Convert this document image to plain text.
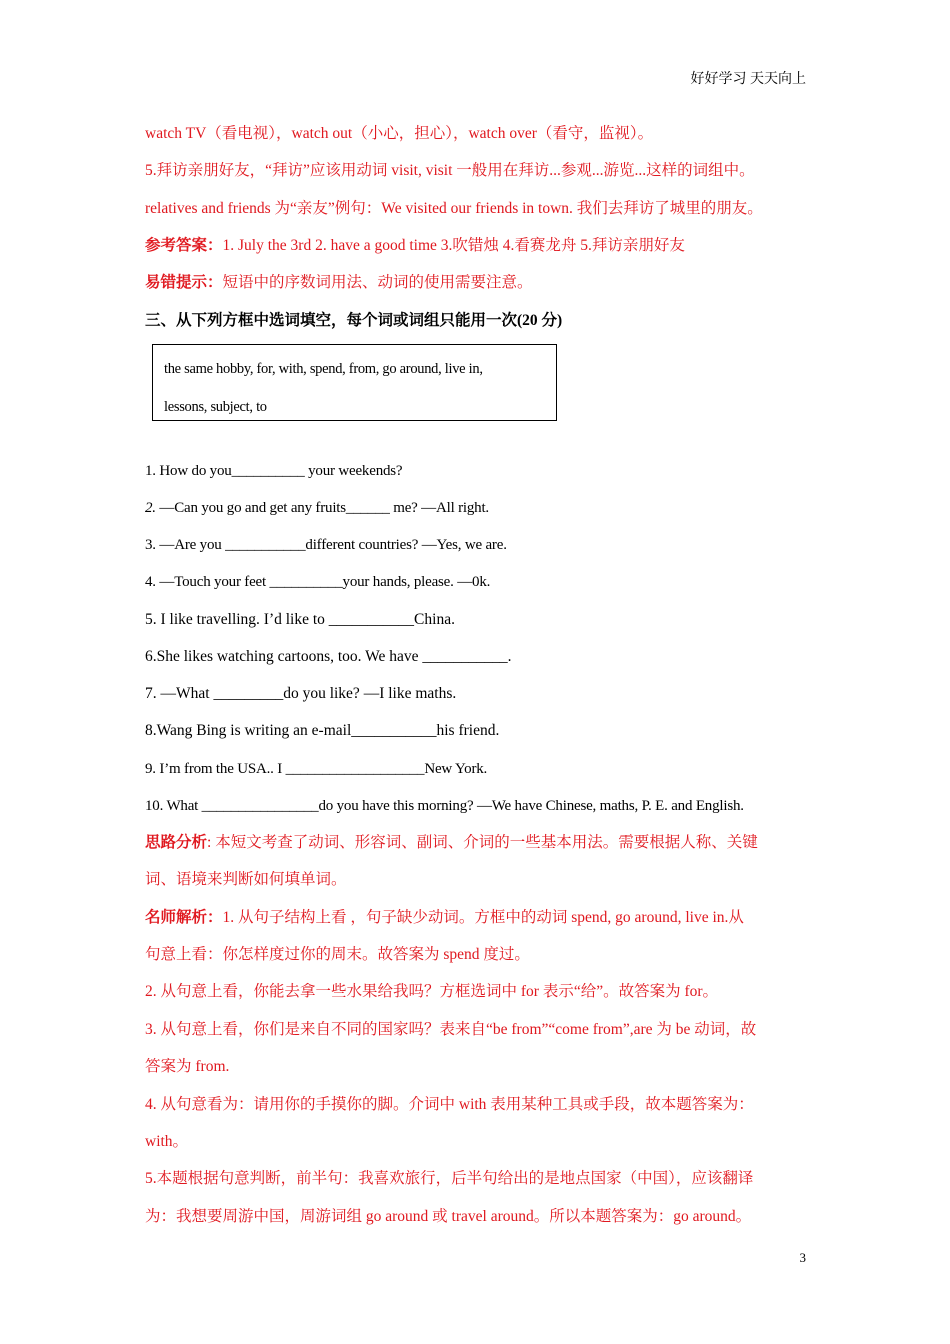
好好学习 天天向上
watch TV（看电视），watch out（小心，担心），watch over（看守，监视）。
5.拜访亲朋好友，“拜访”应该用动词 visit, visit 一般用在拜访...参观...游览...这样的词组中。
relatives and friends 为“亲友”例句：We visited our friends in town. 我们去拜访了城里的朋友。
参考答案：1. July the 3rd 2. have a good time 3.吹错烛 4.看赛龙舟 5.拜访亲朋好友
易错提示：短语中的序数词用法、动词的使用需要注意。
三、从下列方框中选词填空，每个词或词组只能用一次(20 分)
the same hobby, for, with, spend, from, go around, live in,
lessons, subject, to
1. How do you__________ your weekends?
2. —Can you go and get any fruits______ me? —All right.
3. —Are you ___________different countries? —Yes, we are.
4. —Touch your feet __________your hands, please. —0k.
5. I like travelling. I’d like to ___________China.
6.She likes watching cartoons, too. We have ___________.
7. —What _________do you like? —I like maths.
8.Wang Bing is writing an e-mail___________his friend.
9. I’m from the USA.. I ___________________New York.
10. What ________________do you have this morning? —We have Chinese, maths, P. E. and English.
思路分析: 本短文考查了动词、形容词、副词、介词的一些基本用法。需要根据人称、关键
词、语境来判断如何填单词。
名师解析：1. 从句子结构上看 ，句子缺少动词。方框中的动词 spend, go around, live in.从
句意上看：你怎样度过你的周末。故答案为 spend 度过。
2. 从句意上看，你能去拿一些水果给我吗？方框选词中 for 表示“给”。故答案为 for。
3. 从句意上看，你们是来自不同的国家吗？表来自“be from”“come from”,are 为 be 动词，故
答案为 from.
4. 从句意看为：请用你的手摸你的脚。介词中 with 表用某种工具或手段，故本题答案为：
with。
5.本题根据句意判断，前半句：我喜欢旅行，后半句给出的是地点国家（中国），应该翻译
为：我想要周游中国，周游词组 go around 或 travel around。所以本题答案为：go around。
3
